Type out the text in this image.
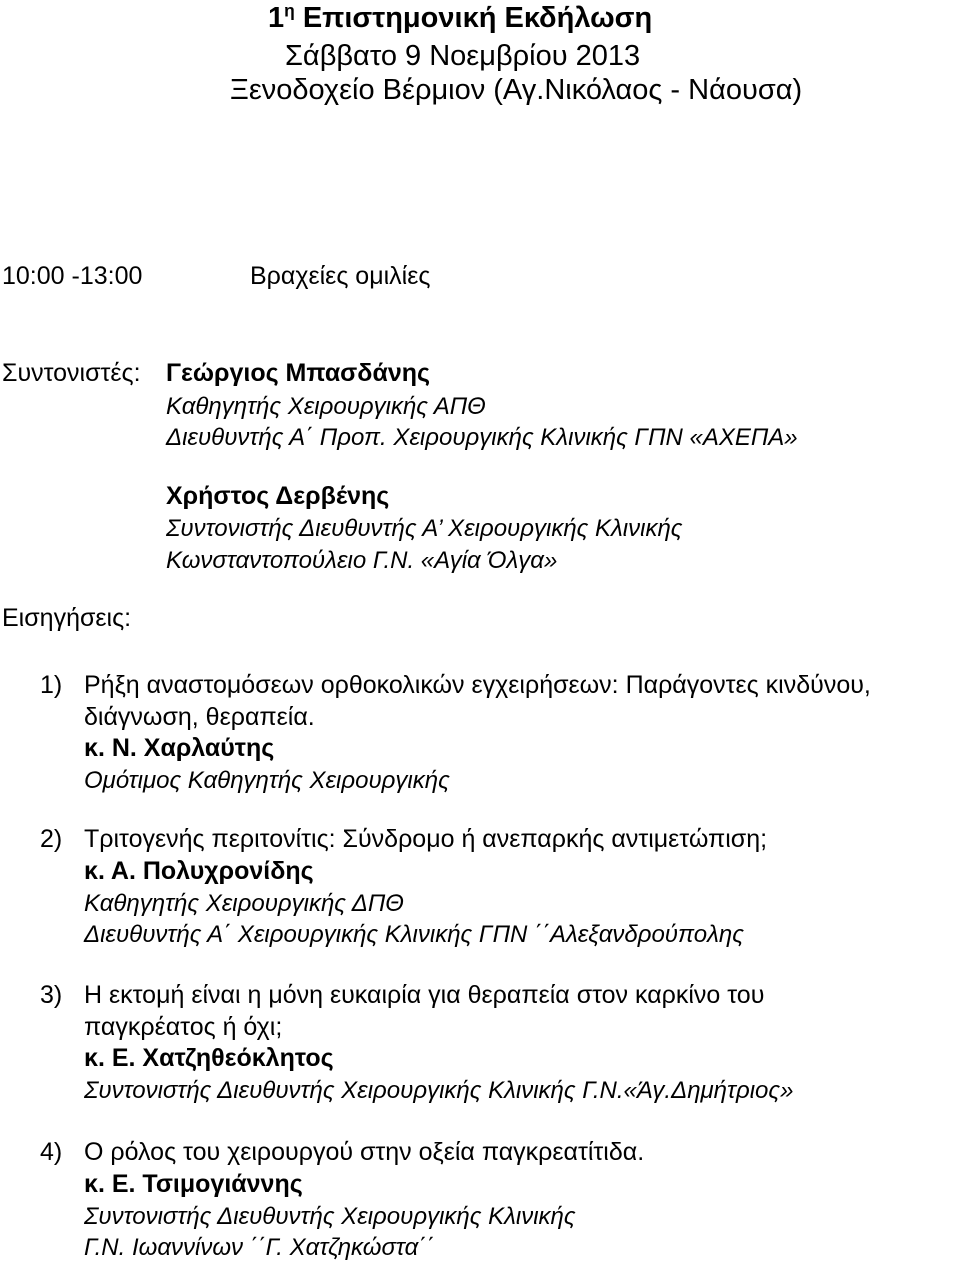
$1^\eta$ Επιστημονική Εκδήλωση
Σάββατο 9 Νοεμβρίου 2013
Ξενοδοχείο Βέρμιον (Αγ.Νικόλαος - Νάουσα)
10:00 -13:00	Βραχείες ομιλίες
Συντονιστές: Γεώργιος Μπασδάνης
Καθηγητής Χειρουργικής ΑΠΘ
Διευθυντής Α΄ Προπ. Χειρουργικής Κλινικής ΓΠΝ «ΑΧΕΠΑ»
Χρήστος Δερβένης
Συντονιστής Διευθυντής Α’ Χειρουργικής Κλινικής
Κωνσταντοπούλειο Γ.Ν. «Αγία Όλγα»
Εισηγήσεις:
1) Ρήξη αναστομόσεων ορθοκολικών εγχειρήσεων: Παράγοντες κινδύνου,
διάγνωση, θεραπεία.
κ. Ν. Χαρλαύτης
Ομότιμος Καθηγητής Χειρουργικής
2) Τριτογενής περιτονίτις: Σύνδρομο ή ανεπαρκής αντιμετώπιση;
κ. Α. Πολυχρονίδης
Καθηγητής Χειρουργικής ΔΠΘ
Διευθυντής Α΄ Χειρουργικής Κλινικής ΓΠΝ ΄΄Αλεξανδρούπολης
3) Η εκτομή είναι η μόνη ευκαιρία για θεραπεία στον καρκίνο του
παγκρέατος ή όχι;
κ. Ε. Χατζηθεόκλητος
Συντονιστής Διευθυντής Χειρουργικής Κλινικής Γ.Ν.«Άγ.Δημήτριος»
4) Ο ρόλος του χειρουργού στην οξεία παγκρεατίτιδα.
κ. Ε. Τσιμογιάννης
Συντονιστής Διευθυντής Χειρουργικής Κλινικής
Γ.Ν. Ιωαννίνων ΄΄Γ. Χατζηκώστα΄΄
